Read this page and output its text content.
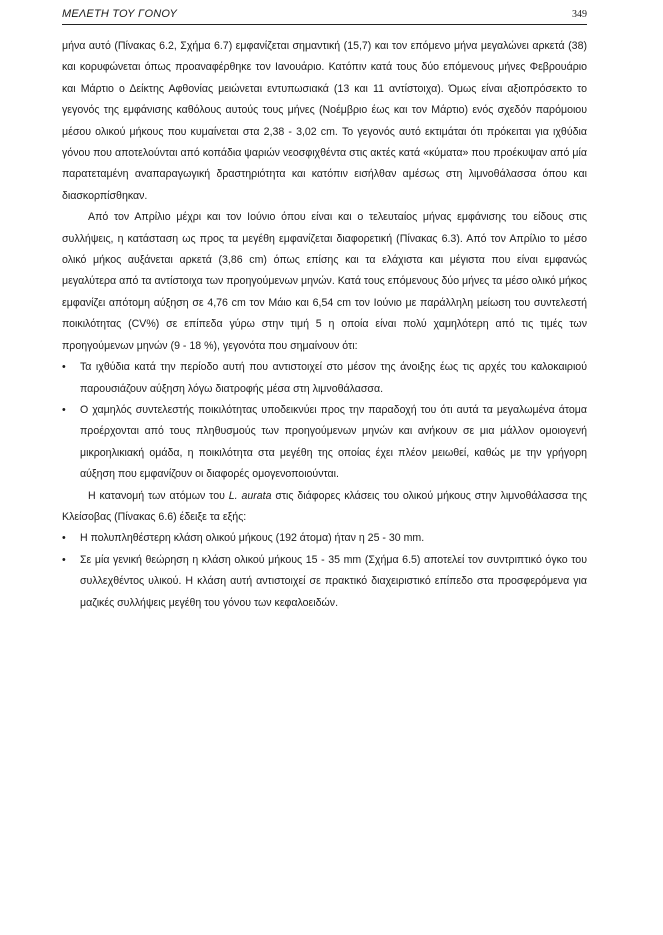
ΜΕΛΕΤΗ ΤΟΥ ΓΟΝΟΥ	349

μήνα αυτό (Πίνακας 6.2, Σχήμα 6.7) εμφανίζεται σημαντική (15,7) και τον επόμενο μήνα μεγαλώνει αρκετά (38) και κορυφώνεται όπως προαναφέρθηκε τον Ιανουάριο. Κατόπιν κατά τους δύο επόμενους μήνες Φεβρουάριο και Μάρτιο ο Δείκτης Αφθονίας μειώνεται εντυπωσιακά (13 και 11 αντίστοιχα). Όμως είναι αξιοπρόσεκτο το γεγονός της εμφάνισης καθόλους αυτούς τους μήνες (Νοέμβριο έως και τον Μάρτιο) ενός σχεδόν παρόμοιου μέσου ολικού μήκους που κυμαίνεται στα 2,38 - 3,02 cm. Το γεγονός αυτό εκτιμάται ότι πρόκειται για ιχθύδια γόνου που αποτελούνται από κοπάδια ψαριών νεοσφιχθέντα στις ακτές κατά «κύματα» που προέκυψαν από μία παρατεταμένη αναπαραγωγική δραστηριότητα και κατόπιν εισήλθαν αμέσως στη λιμνοθάλασσα όπου και διασκορπίσθηκαν.

Από τον Απρίλιο μέχρι και τον Ιούνιο όπου είναι και ο τελευταίος μήνας εμφάνισης του είδους στις συλλήψεις, η κατάσταση ως προς τα μεγέθη εμφανίζεται διαφορετική (Πίνακας 6.3). Από τον Απρίλιο το μέσο ολικό μήκος αυξάνεται αρκετά (3,86 cm) όπως επίσης και τα ελάχιστα και μέγιστα που είναι εμφανώς μεγαλύτερα από τα αντίστοιχα των προηγούμενων μηνών. Κατά τους επόμενους δύο μήνες τα μέσο ολικό μήκος εμφανίζει απότομη αύξηση σε 4,76 cm τον Μάιο και 6,54 cm τον Ιούνιο με παράλληλη μείωση του συντελεστή ποικιλότητας (CV%) σε επίπεδα γύρω στην τιμή 5 η οποία είναι πολύ χαμηλότερη από τις τιμές των προηγούμενων μηνών (9 - 18 %), γεγονότα που σημαίνουν ότι:

• Τα ιχθύδια κατά την περίοδο αυτή που αντιστοιχεί στο μέσον της άνοιξης έως τις αρχές του καλοκαιριού παρουσιάζουν αύξηση λόγω διατροφής μέσα στη λιμνοθάλασσα.
• Ο χαμηλός συντελεστής ποικιλότητας υποδεικνύει προς την παραδοχή του ότι αυτά τα μεγαλωμένα άτομα προέρχονται από τους πληθυσμούς των προηγούμενων μηνών και ανήκουν σε μια μάλλον ομοιογενή μικροηλικιακή ομάδα, η ποικιλότητα στα μεγέθη της οποίας έχει πλέον μειωθεί, καθώς με την γρήγορη αύξηση που εμφανίζουν οι διαφορές ομογενοποιούνται.

Η κατανομή των ατόμων του L. aurata στις διάφορες κλάσεις του ολικού μήκους στην λιμνοθάλασσα της Κλείσοβας (Πίνακας 6.6) έδειξε τα εξής:

• Η πολυπληθέστερη κλάση ολικού μήκους (192 άτομα) ήταν η 25 - 30 mm.
• Σε μία γενική θεώρηση η κλάση ολικού μήκους 15 - 35 mm (Σχήμα 6.5) αποτελεί τον συντριπτικό όγκο του συλλεχθέντος υλικού. Η κλάση αυτή αντιστοιχεί σε πρακτικό διαχειριστικό επίπεδο στα προσφερόμενα για μαζικές συλλήψεις μεγέθη του γόνου των κεφαλοειδών.
